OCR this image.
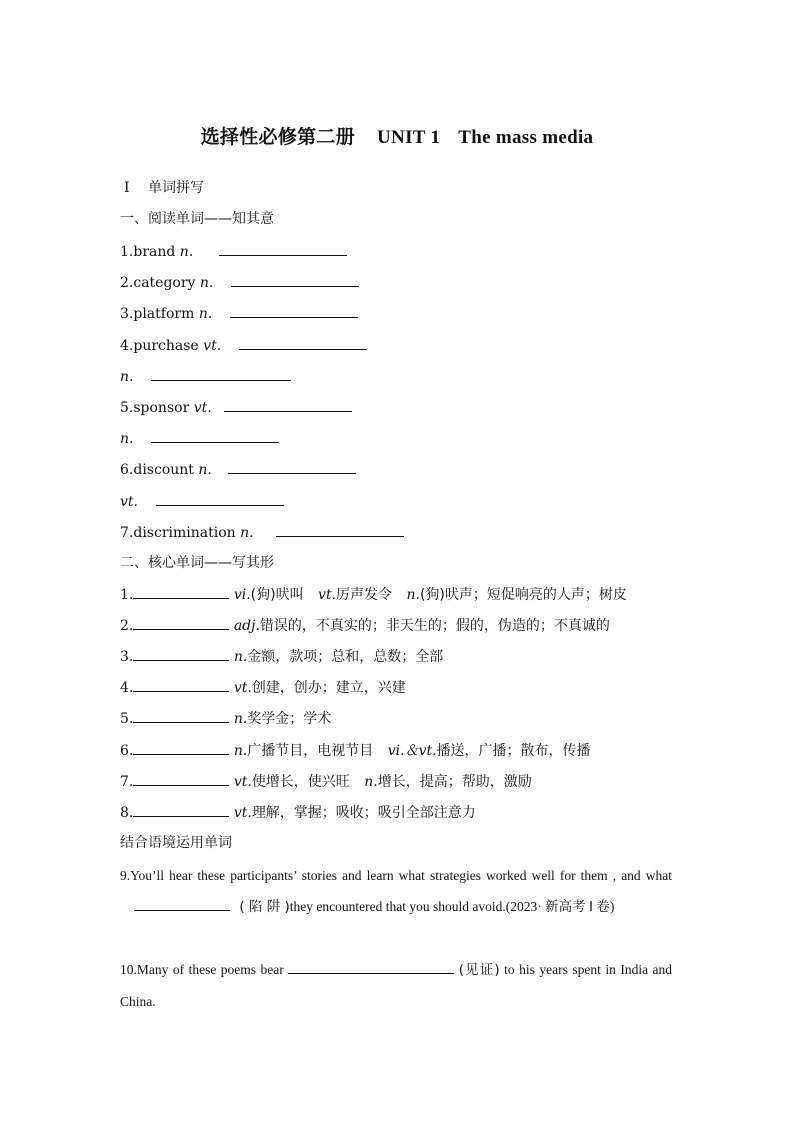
选择性必修第二册 UNIT 1 The mass media
Ⅰ 单词拼写
一、阅读单词——知其意
1.brand n.
2.category n.
3.platform n.
4.purchase vt.
n.
5.sponsor vt.
n.
6.discount n.
vt.
7.discrimination n.
二、核心单词——写其形
1.	vi.(狗)吠叫 vt.厉声发令 n.(狗)吠声；短促响亮的人声；树皮
2.	adj.错误的，不真实的；非天生的；假的，伪造的；不真诚的
3.	n.金额，款项；总和，总数；全部
4.	vt.创建，创办；建立，兴建
5.	n.奖学金；学术
6.	n.广播节目，电视节目 vi.＆vt.播送，广播；散布，传播
7.	vt.使增长，使兴旺 n.增长，提高；帮助，激励
8.	vt.理解，掌握；吸收；吸引全部注意力
结合语境运用单词
9.You’ll hear these participants’ stories and learn what strategies worked well for them , and what  ( 陷 阱 )they encountered that you should avoid.(2023· 新高考 Ⅰ 卷)
10.Many of these poems bear	(见证) to his years spent in India and China.
